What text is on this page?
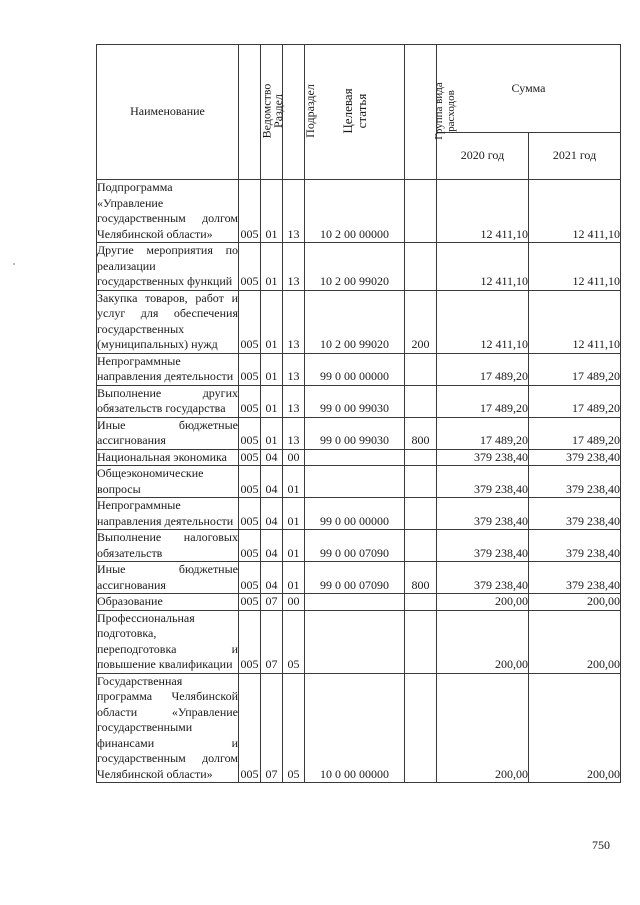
Наименование	Ведомство	Раздел	Подраздел	Целевая статья	Группа вида расходов	Сумма	
						2020 год	2021 год
Подпрограмма «Управление государственным долгом Челябинской области»	005	01	13	10 2 00 00000		12 411,10	12 411,10
Другие мероприятия по реализации государственных функций	005	01	13	10 2 00 99020		12 411,10	12 411,10
Закупка товаров, работ и услуг для обеспечения государственных (муниципальных) нужд	005	01	13	10 2 00 99020	200	12 411,10	12 411,10
Непрограммные направления деятельности	005	01	13	99 0 00 00000		17 489,20	17 489,20
Выполнение других обязательств государства	005	01	13	99 0 00 99030		17 489,20	17 489,20
Иные бюджетные ассигнования	005	01	13	99 0 00 99030	800	17 489,20	17 489,20
Национальная экономика	005	04	00			379 238,40	379 238,40
Общеэкономические вопросы	005	04	01			379 238,40	379 238,40
Непрограммные направления деятельности	005	04	01	99 0 00 00000		379 238,40	379 238,40
Выполнение налоговых обязательств	005	04	01	99 0 00 07090		379 238,40	379 238,40
Иные бюджетные ассигнования	005	04	01	99 0 00 07090	800	379 238,40	379 238,40
Образование	005	07	00			200,00	200,00
Профессиональная подготовка, переподготовка и повышение квалификации	005	07	05			200,00	200,00
Государственная программа Челябинской области «Управление государственными финансами и государственным долгом Челябинской области»	005	07	05	10 0 00 00000		200,00	200,00
750
